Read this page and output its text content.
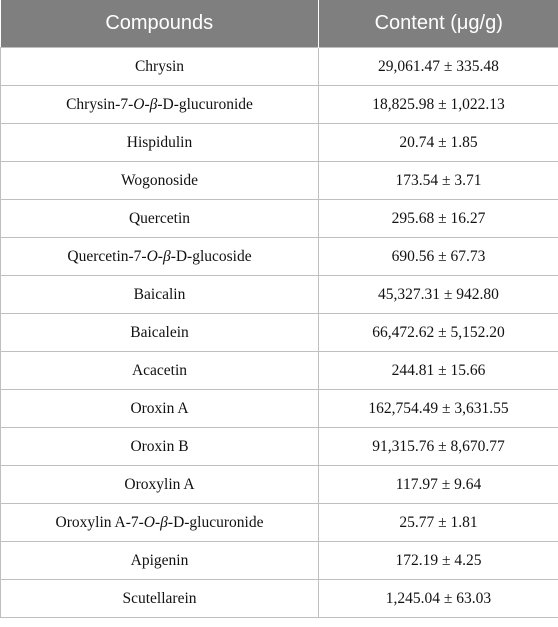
Compounds	Content (μg/g)
Chrysin	29,061.47 ± 335.48
Chrysin-7-O-β-D-glucuronide	18,825.98 ± 1,022.13
Hispidulin	20.74 ± 1.85
Wogonoside	173.54 ± 3.71
Quercetin	295.68 ± 16.27
Quercetin-7-O-β-D-glucoside	690.56 ± 67.73
Baicalin	45,327.31 ± 942.80
Baicalein	66,472.62 ± 5,152.20
Acacetin	244.81 ± 15.66
Oroxin A	162,754.49 ± 3,631.55
Oroxin B	91,315.76 ± 8,670.77
Oroxylin A	117.97 ± 9.64
Oroxylin A-7-O-β-D-glucuronide	25.77 ± 1.81
Apigenin	172.19 ± 4.25
Scutellarein	1,245.04 ± 63.03
